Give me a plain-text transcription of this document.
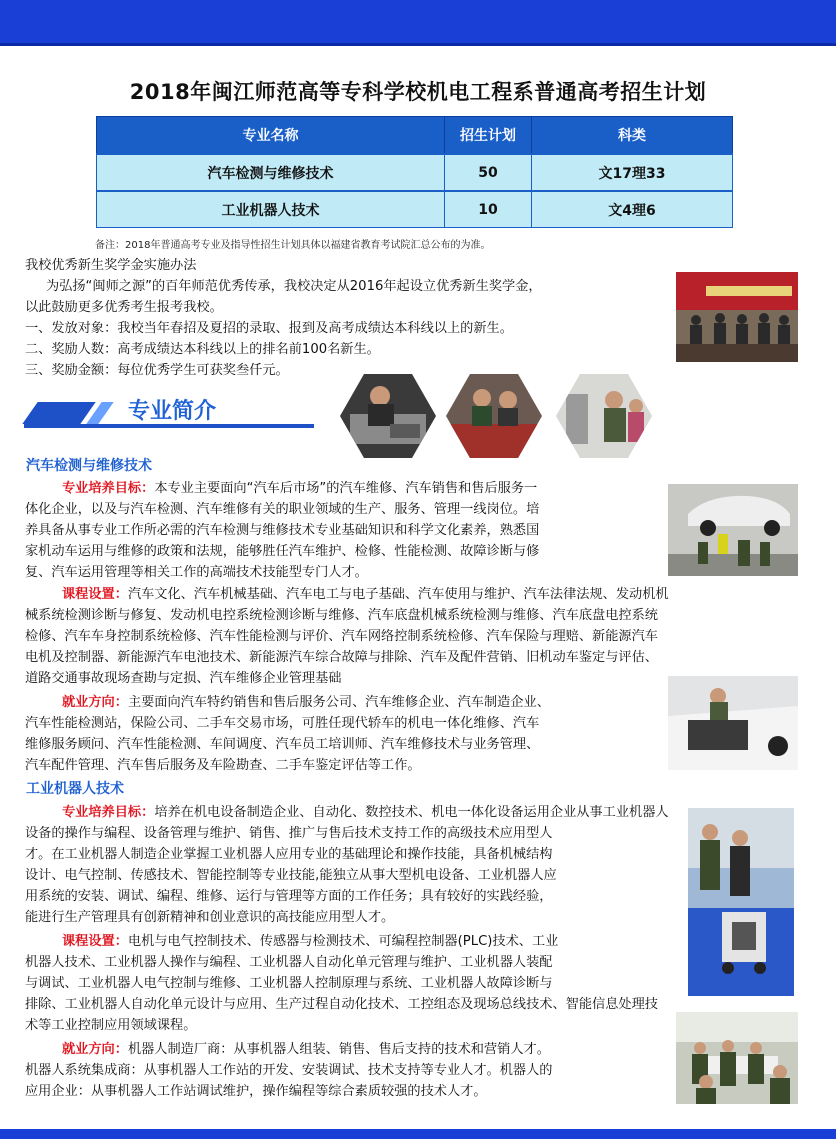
2018年闽江师范高等专科学校机电工程系普通高考招生计划
专业名称	招生计划	科类
汽车检测与维修技术	50	文17理33
工业机器人技术	10	文4理6
备注：2018年普通高考专业及指导性招生计划具体以福建省教育考试院汇总公布的为准。
我校优秀新生奖学金实施办法
为弘扬“闽师之源”的百年师范优秀传承，我校决定从2016年起设立优秀新生奖学金，
以此鼓励更多优秀考生报考我校。
一、发放对象：我校当年春招及夏招的录取、报到及高考成绩达本科线以上的新生。
二、奖励人数：高考成绩达本科线以上的排名前100名新生。
三、奖励金额：每位优秀学生可获奖叁仟元。
专业简介
汽车检测与维修技术
专业培养目标：本专业主要面向“汽车后市场”的汽车维修、汽车销售和售后服务一
体化企业，以及与汽车检测、汽车维修有关的职业领域的生产、服务、管理一线岗位。培
养具备从事专业工作所必需的汽车检测与维修技术专业基础知识和科学文化素养，熟悉国
家机动车运用与维修的政策和法规，能够胜任汽车维护、检修、性能检测、故障诊断与修
复、汽车运用管理等相关工作的高端技术技能型专门人才。
课程设置：汽车文化、汽车机械基础、汽车电工与电子基础、汽车使用与维护、汽车法律法规、发动机机
械系统检测诊断与修复、发动机电控系统检测诊断与维修、汽车底盘机械系统检测与维修、汽车底盘电控系统
检修、汽车车身控制系统检修、汽车性能检测与评价、汽车网络控制系统检修、汽车保险与理赔、新能源汽车
电机及控制器、新能源汽车电池技术、新能源汽车综合故障与排除、汽车及配件营销、旧机动车鉴定与评估、
道路交通事故现场查勘与定损、汽车维修企业管理基础
就业方向：主要面向汽车特约销售和售后服务公司、汽车维修企业、汽车制造企业、
汽车性能检测站，保险公司、二手车交易市场，可胜任现代轿车的机电一体化维修、汽车
维修服务顾问、汽车性能检测、车间调度、汽车员工培训师、汽车维修技术与业务管理、
汽车配件管理、汽车售后服务及车险勘查、二手车鉴定评估等工作。
工业机器人技术
专业培养目标：培养在机电设备制造企业、自动化、数控技术、机电一体化设备运用企业从事工业机器人
设备的操作与编程、设备管理与维护、销售、推广与售后技术支持工作的高级技术应用型人
才。在工业机器人制造企业掌握工业机器人应用专业的基础理论和操作技能，具备机械结构
设计、电气控制、传感技术、智能控制等专业技能,能独立从事大型机电设备、工业机器人应
用系统的安装、调试、编程、维修、运行与管理等方面的工作任务；具有较好的实践经验，
能进行生产管理具有创新精神和创业意识的高技能应用型人才。
课程设置：电机与电气控制技术、传感器与检测技术、可编程控制器(PLC)技术、工业
机器人技术、工业机器人操作与编程、工业机器人自动化单元管理与维护、工业机器人装配
与调试、工业机器人电气控制与维修、工业机器人控制原理与系统、工业机器人故障诊断与
排除、工业机器人自动化单元设计与应用、生产过程自动化技术、工控组态及现场总线技术、智能信息处理技
术等工业控制应用领域课程。
就业方向：机器人制造厂商：从事机器人组装、销售、售后支持的技术和营销人才。
机器人系统集成商：从事机器人工作站的开发、安装调试、技术支持等专业人才。机器人的
应用企业：从事机器人工作站调试维护，操作编程等综合素质较强的技术人才。
